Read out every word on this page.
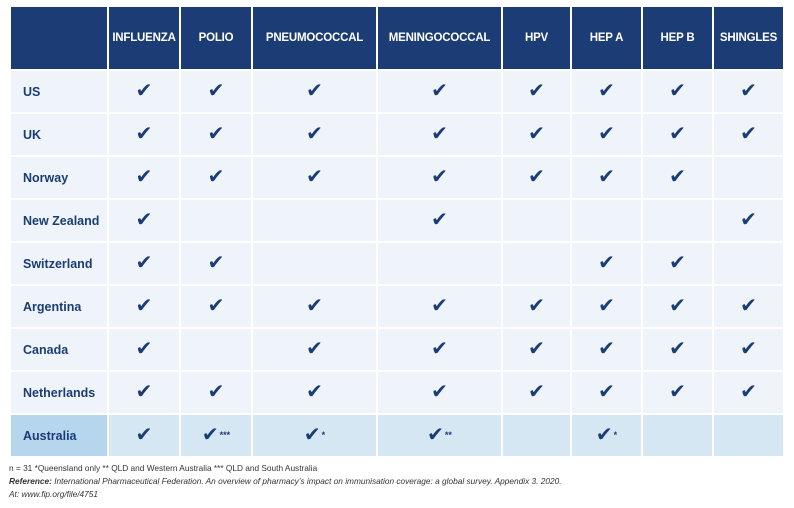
	INFLUENZA	POLIO	PNEUMOCOCCAL	MENINGOCOCCAL	HPV	HEP A	HEP B	SHINGLES
US	✔	✔	✔	✔	✔	✔	✔	✔
UK	✔	✔	✔	✔	✔	✔	✔	✔
Norway	✔	✔	✔	✔	✔	✔	✔	
New Zealand	✔			✔				✔
Switzerland	✔	✔				✔	✔	
Argentina	✔	✔	✔	✔	✔	✔	✔	✔
Canada	✔		✔	✔	✔	✔	✔	✔
Netherlands	✔	✔	✔	✔	✔	✔	✔	✔
Australia	✔	✔***	✔*	✔**		✔*		
n = 31 *Queensland only ** QLD and Western Australia *** QLD and South Australia
Reference: International Pharmaceutical Federation. An overview of pharmacy’s impact on immunisation coverage: a global survey. Appendix 3. 2020.
At: www.fip.org/file/4751
